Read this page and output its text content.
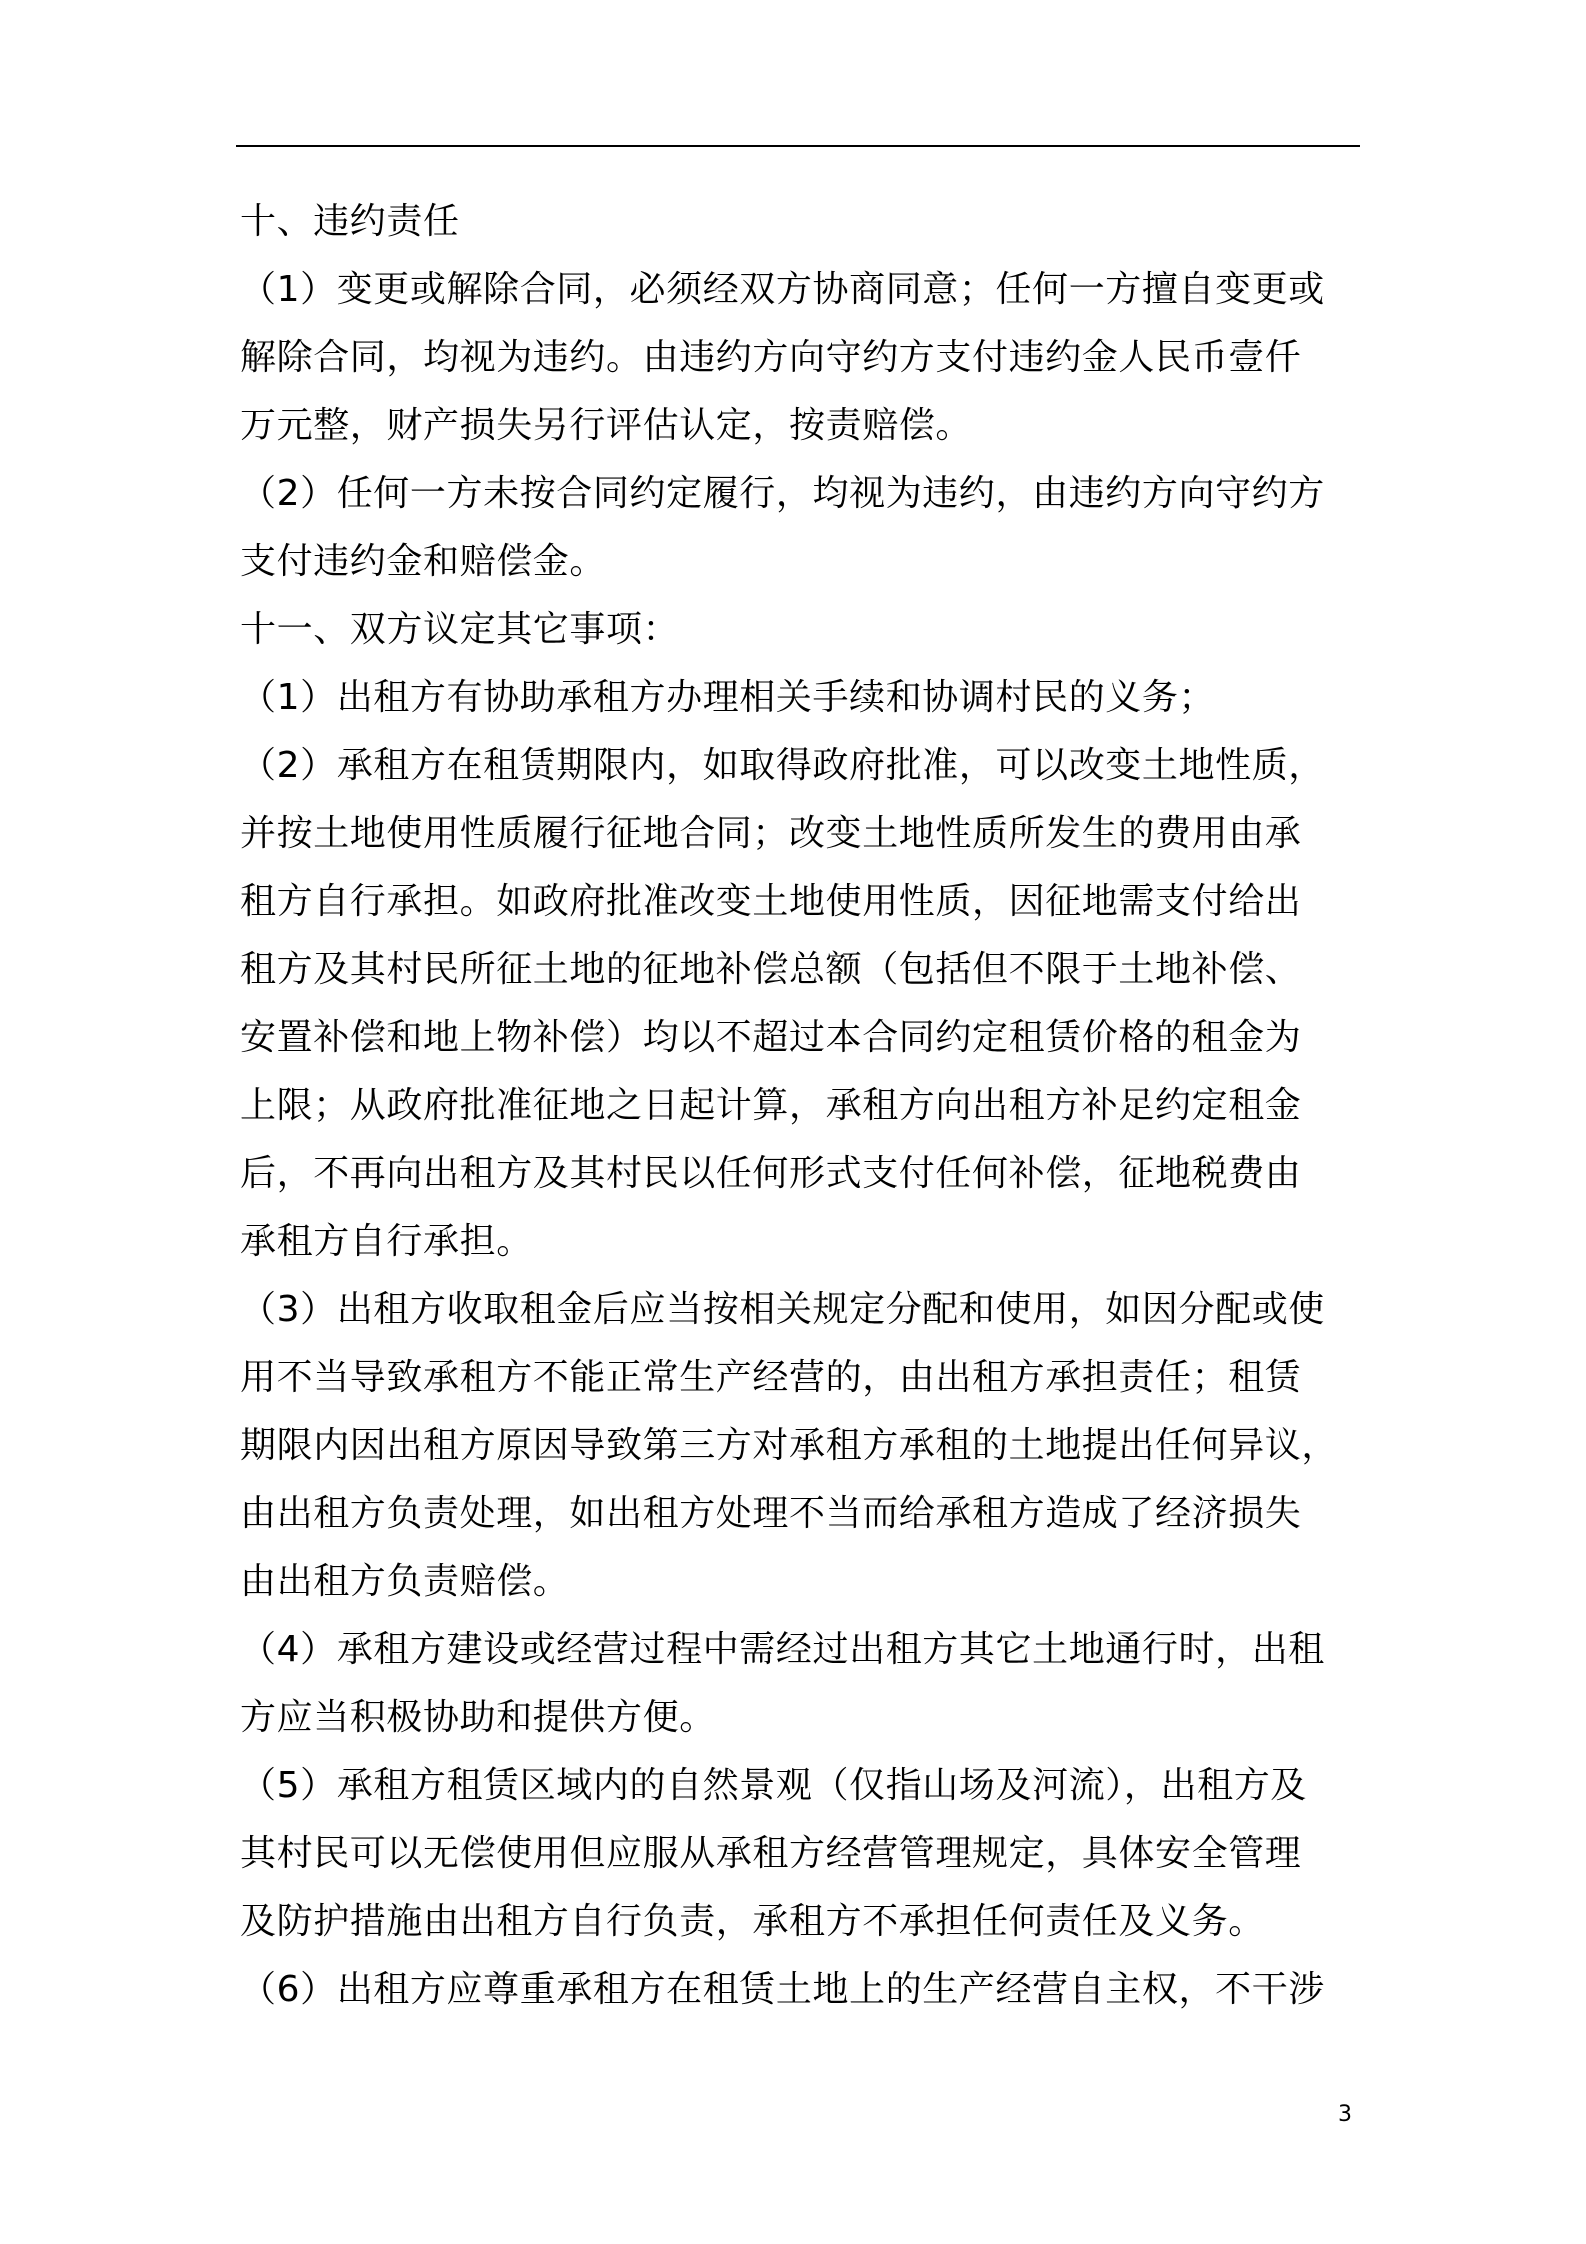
十、违约责任
（1）变更或解除合同，必须经双方协商同意；任何一方擅自变更或
解除合同，均视为违约。由违约方向守约方支付违约金人民币壹仟
万元整，财产损失另行评估认定，按责赔偿。
（2）任何一方未按合同约定履行，均视为违约，由违约方向守约方
支付违约金和赔偿金。
十一、双方议定其它事项：
（1）出租方有协助承租方办理相关手续和协调村民的义务；
（2）承租方在租赁期限内，如取得政府批准，可以改变土地性质，
并按土地使用性质履行征地合同；改变土地性质所发生的费用由承
租方自行承担。如政府批准改变土地使用性质，因征地需支付给出
租方及其村民所征土地的征地补偿总额（包括但不限于土地补偿、
安置补偿和地上物补偿）均以不超过本合同约定租赁价格的租金为
上限；从政府批准征地之日起计算，承租方向出租方补足约定租金
后，不再向出租方及其村民以任何形式支付任何补偿，征地税费由
承租方自行承担。
（3）出租方收取租金后应当按相关规定分配和使用，如因分配或使
用不当导致承租方不能正常生产经营的，由出租方承担责任；租赁
期限内因出租方原因导致第三方对承租方承租的土地提出任何异议，
由出租方负责处理，如出租方处理不当而给承租方造成了经济损失
由出租方负责赔偿。
（4）承租方建设或经营过程中需经过出租方其它土地通行时，出租
方应当积极协助和提供方便。
（5）承租方租赁区域内的自然景观（仅指山场及河流），出租方及
其村民可以无偿使用但应服从承租方经营管理规定，具体安全管理
及防护措施由出租方自行负责，承租方不承担任何责任及义务。
（6）出租方应尊重承租方在租赁土地上的生产经营自主权，不干涉
3
